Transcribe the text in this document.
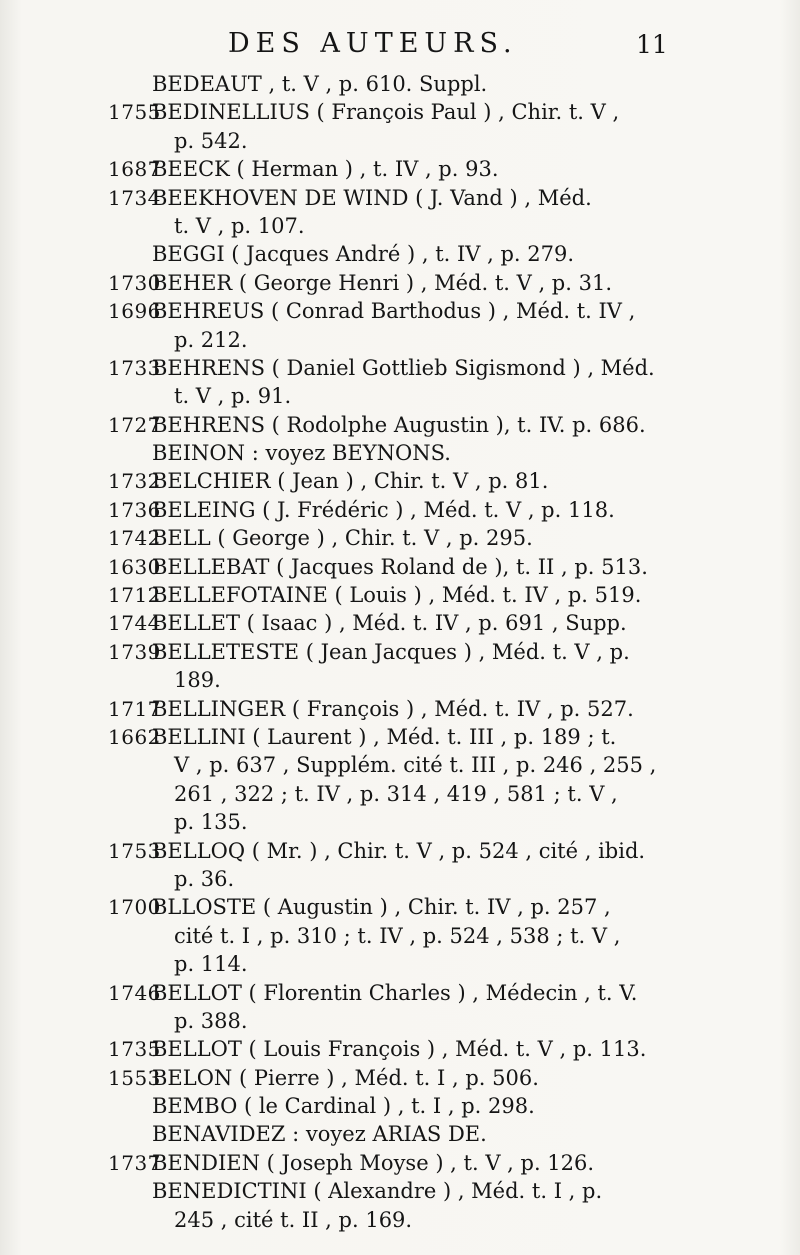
DES AUTEURS.	11
BEDEAUT , t. V , p. 610. Suppl.
1755
BEDINELLIUS ( François Paul ) , Chir. t. V ,
p. 542.
1687
BEECK ( Herman ) , t. IV , p. 93.
1734
BEEKHOVEN DE WIND ( J. Vand ) , Méd.
t. V , p. 107.
BEGGI ( Jacques André ) , t. IV , p. 279.
1730
BEHER ( George Henri ) , Méd. t. V , p. 31.
1696
BEHREUS ( Conrad Barthodus ) , Méd. t. IV ,
p. 212.
1733
BEHRENS ( Daniel Gottlieb Sigismond ) , Méd.
t. V , p. 91.
1727
BEHRENS ( Rodolphe Augustin ), t. IV. p. 686.
BEINON : voyez BEYNONS.
1732
BELCHIER ( Jean ) , Chir. t. V , p. 81.
1736
BELEING ( J. Frédéric ) , Méd. t. V , p. 118.
1742
BELL ( George ) , Chir. t. V , p. 295.
1630
BELLEBAT ( Jacques Roland de ), t. II , p. 513.
1712
BELLEFOTAINE ( Louis ) , Méd. t. IV , p. 519.
1744
BELLET ( Isaac ) , Méd. t. IV , p. 691 , Supp.
1739
BELLETESTE ( Jean Jacques ) , Méd. t. V , p.
189.
1717
BELLINGER ( François ) , Méd. t. IV , p. 527.
1662
BELLINI ( Laurent ) , Méd. t. III , p. 189 ; t.
V , p. 637 , Supplém. cité t. III , p. 246 , 255 ,
261 , 322 ; t. IV , p. 314 , 419 , 581 ; t. V ,
p. 135.
1753
BELLOQ ( Mr. ) , Chir. t. V , p. 524 , cité , ibid.
p. 36.
1700
BLLOSTE ( Augustin ) , Chir. t. IV , p. 257 ,
cité t. I , p. 310 ; t. IV , p. 524 , 538 ; t. V ,
p. 114.
1746
BELLOT ( Florentin Charles ) , Médecin , t. V.
p. 388.
1735
BELLOT ( Louis François ) , Méd. t. V , p. 113.
1553
BELON ( Pierre ) , Méd. t. I , p. 506.
BEMBO ( le Cardinal ) , t. I , p. 298.
BENAVIDEZ : voyez ARIAS DE.
1737
BENDIEN ( Joseph Moyse ) , t. V , p. 126.
BENEDICTINI ( Alexandre ) , Méd. t. I , p.
245 , cité t. II , p. 169.
